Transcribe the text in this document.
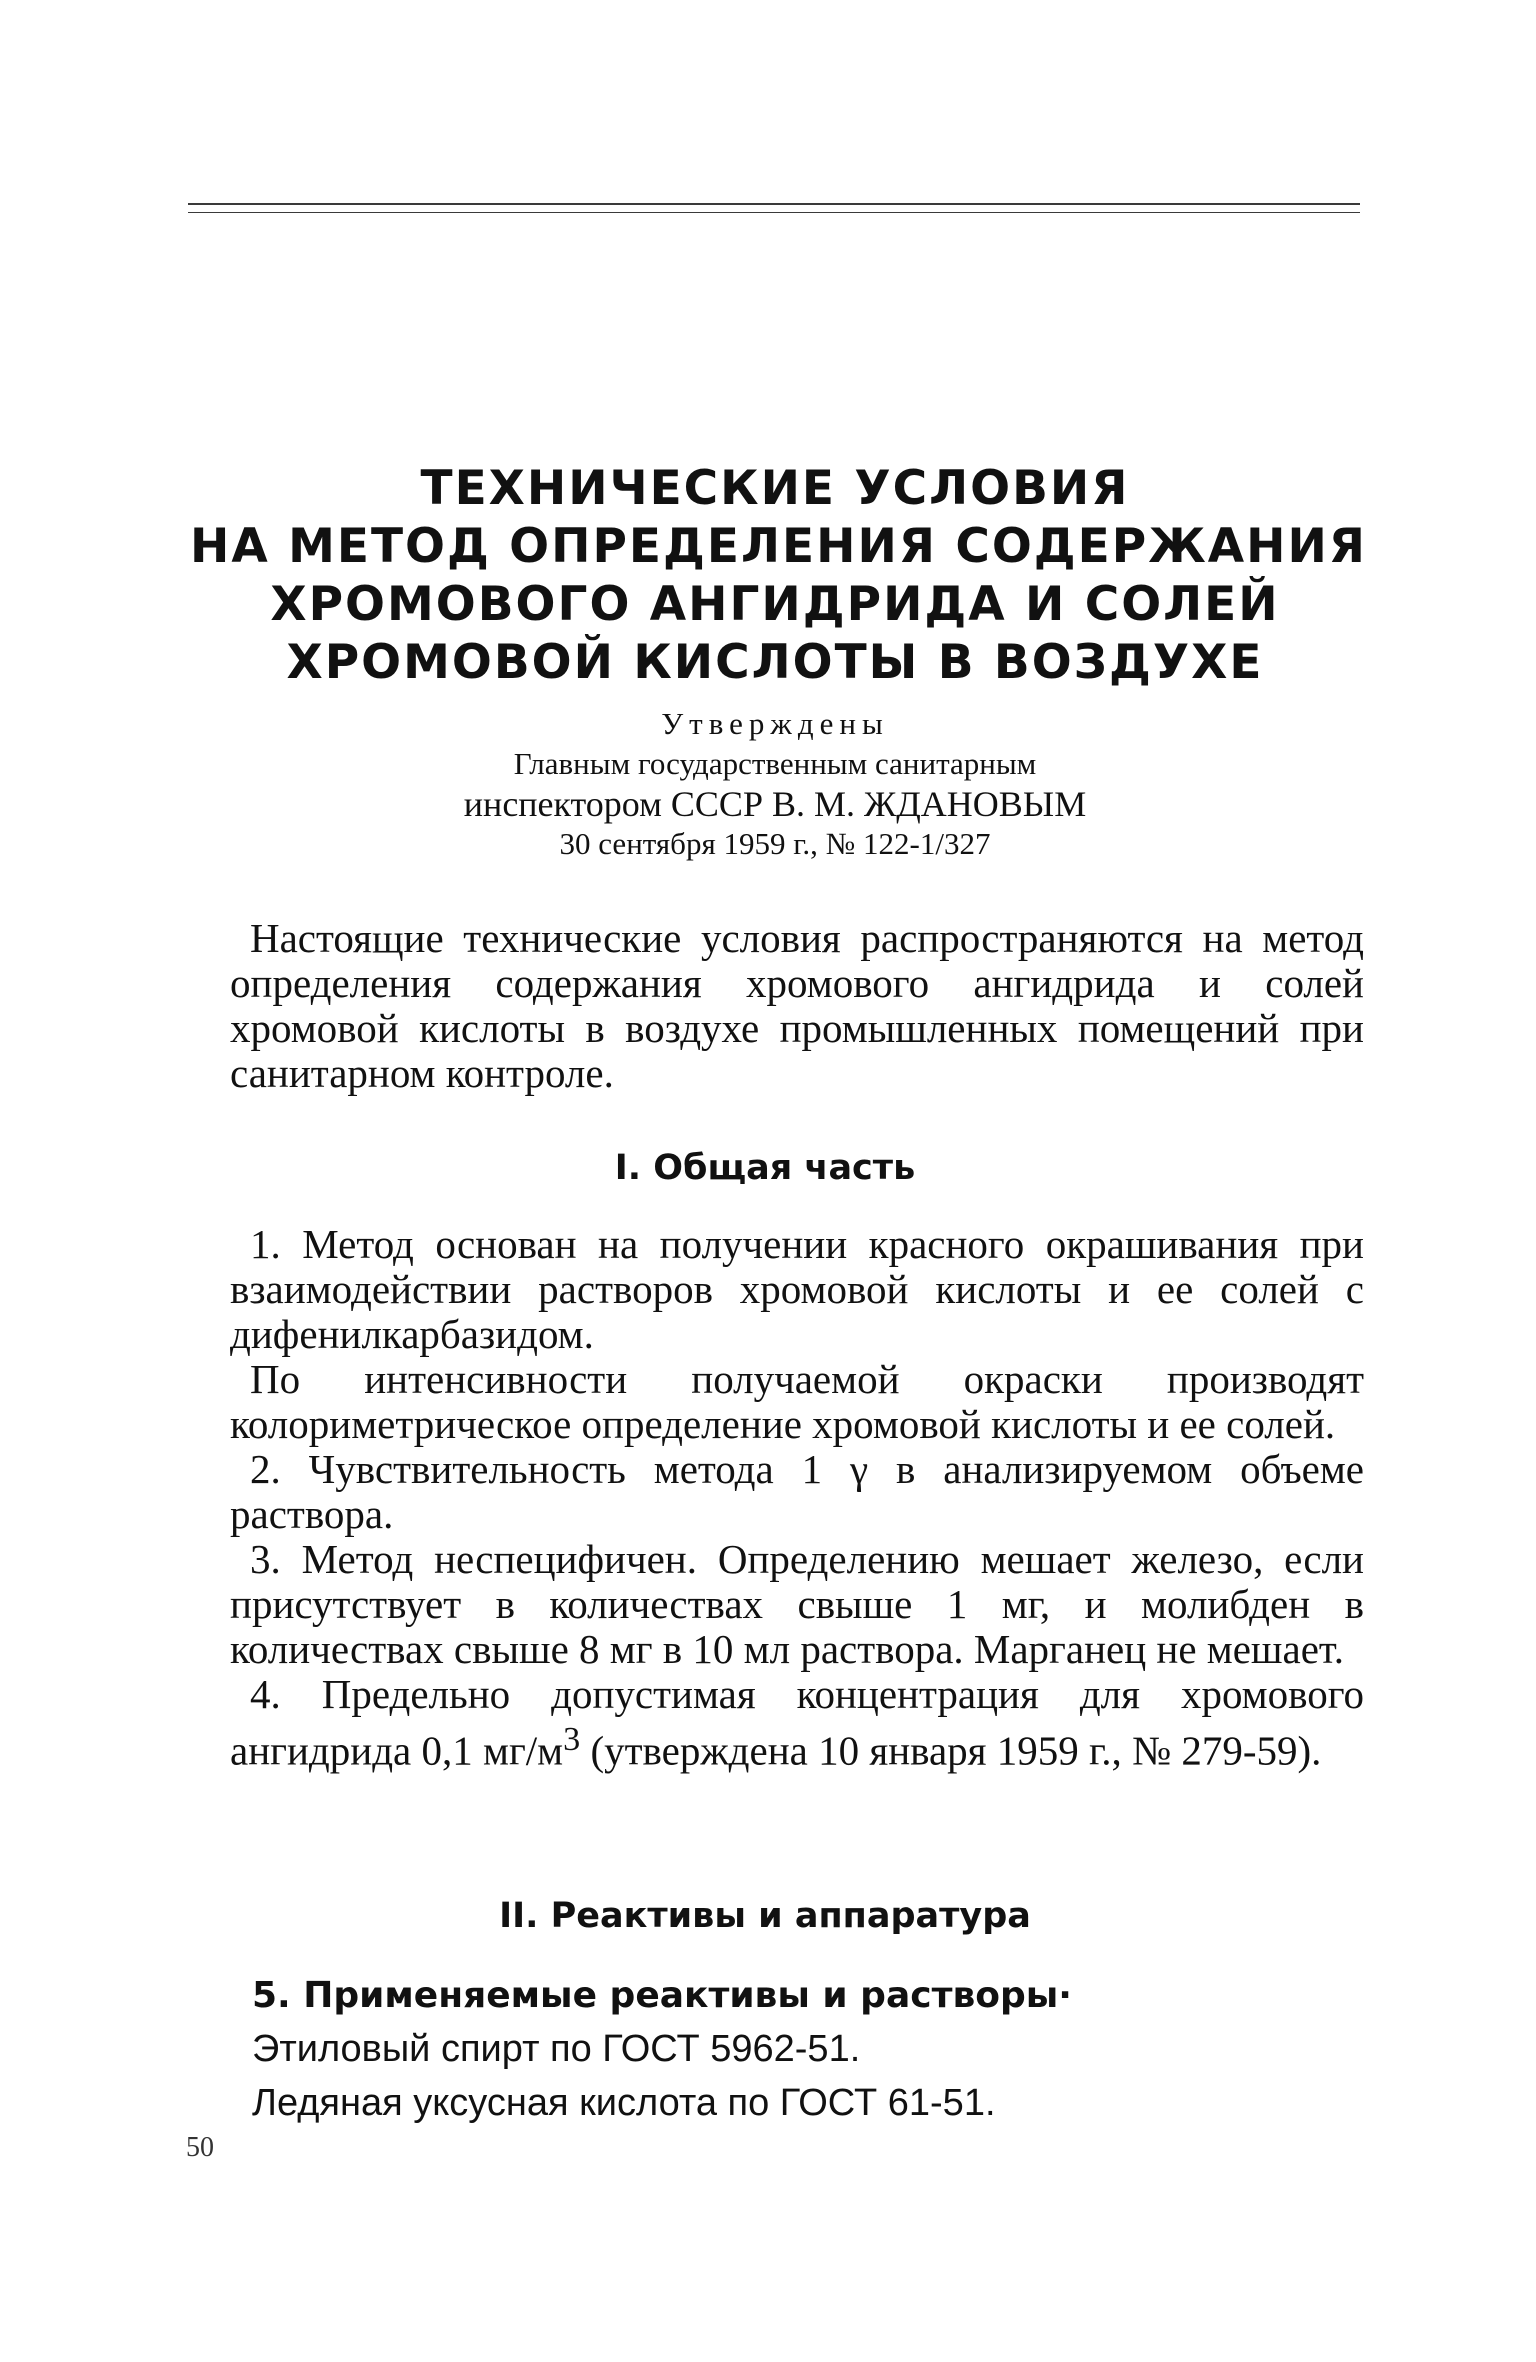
ТЕХНИЧЕСКИЕ УСЛОВИЯ
НА МЕТОД ОПРЕДЕЛЕНИЯ СОДЕРЖАНИЯ
ХРОМОВОГО АНГИДРИДА И СОЛЕЙ
ХРОМОВОЙ КИСЛОТЫ В ВОЗДУХЕ
Утверждены
Главным государственным санитарным
инспектором СССР В. М. ЖДАНОВЫМ
30 сентября 1959 г., № 122-1/327

Настоящие технические условия распространяются на метод определения содержания хромового ангидрида и солей хромовой кислоты в воздухе промышленных помещений при санитарном контроле.

I. Общая часть

1. Метод основан на получении красного окрашивания при взаимодействии растворов хромовой кислоты и ее солей с дифенилкарбазидом.

По интенсивности получаемой окраски производят колориметрическое определение хромовой кислоты и ее солей.

2. Чувствительность метода 1 γ в анализируемом объеме раствора.

3. Метод неспецифичен. Определению мешает железо, если присутствует в количествах свыше 1 мг, и молибден в количествах свыше 8 мг в 10 мл раствора. Марганец не мешает.

4. Предельно допустимая концентрация для хромового ангидрида 0,1 $мг/м^3$ (утверждена 10 января 1959 г., № 279-59).

II. Реактивы и аппаратура
5. Применяемые реактивы и растворы·
Этиловый спирт по ГОСТ 5962-51.
Ледяная уксусная кислота по ГОСТ 61-51.
50
